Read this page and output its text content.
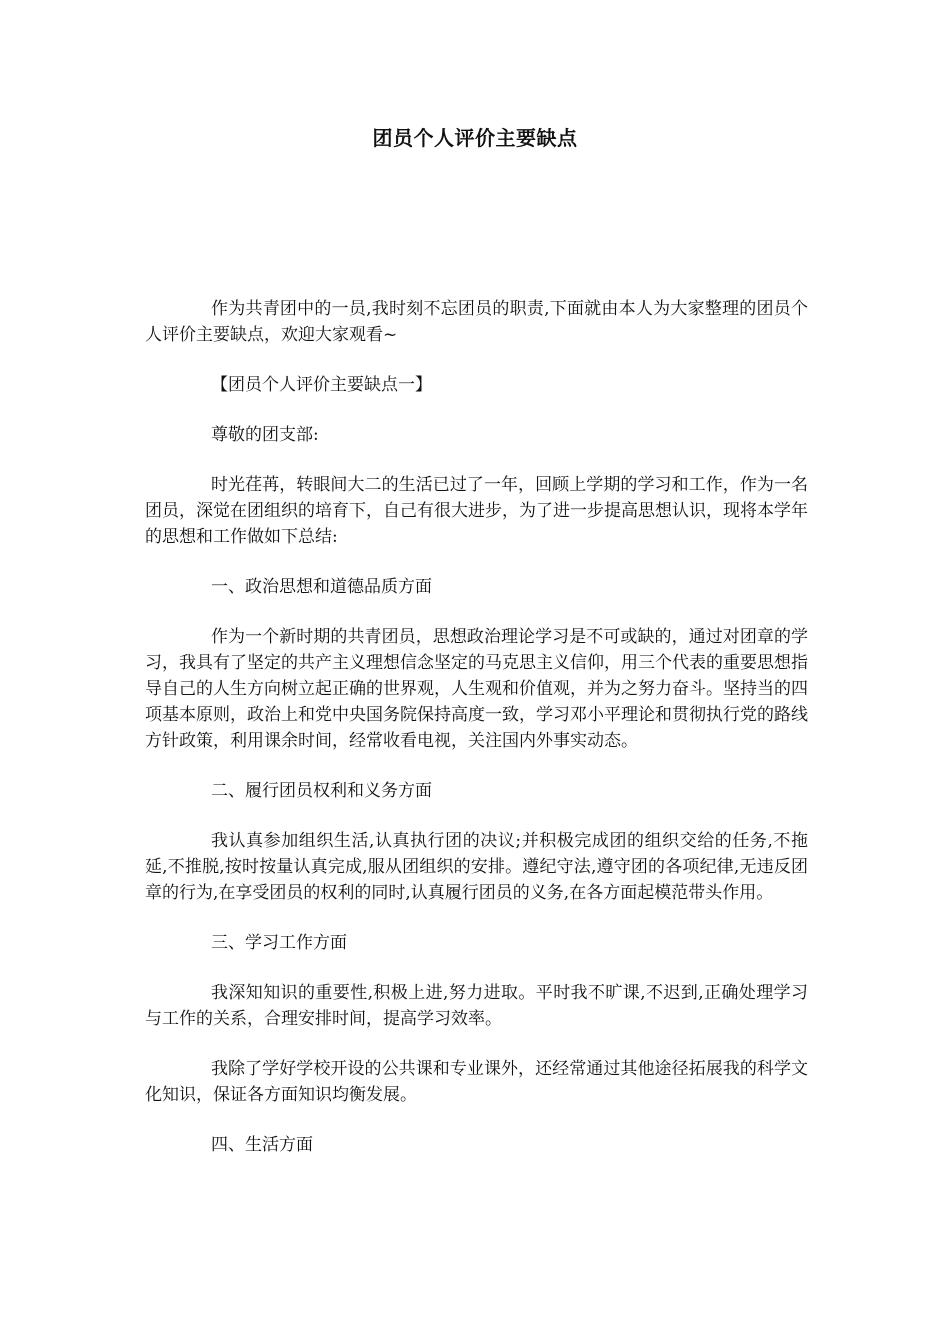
团员个人评价主要缺点

作为共青团中的一员,我时刻不忘团员的职责,下面就由本人为大家整理的团员个人评价主要缺点，欢迎大家观看~

【团员个人评价主要缺点一】

尊敬的团支部:

时光荏苒，转眼间大二的生活已过了一年，回顾上学期的学习和工作，作为一名团员，深觉在团组织的培育下，自己有很大进步，为了进一步提高思想认识，现将本学年的思想和工作做如下总结:

一、政治思想和道德品质方面

作为一个新时期的共青团员，思想政治理论学习是不可或缺的，通过对团章的学习，我具有了坚定的共产主义理想信念坚定的马克思主义信仰，用三个代表的重要思想指导自己的人生方向树立起正确的世界观，人生观和价值观，并为之努力奋斗。坚持当的四项基本原则，政治上和党中央国务院保持高度一致，学习邓小平理论和贯彻执行党的路线方针政策，利用课余时间，经常收看电视，关注国内外事实动态。

二、履行团员权利和义务方面

我认真参加组织生活,认真执行团的决议;并积极完成团的组织交给的任务,不拖延,不推脱,按时按量认真完成,服从团组织的安排。遵纪守法,遵守团的各项纪律,无违反团章的行为,在享受团员的权利的同时,认真履行团员的义务,在各方面起模范带头作用。

三、学习工作方面

我深知知识的重要性,积极上进,努力进取。平时我不旷课,不迟到,正确处理学习与工作的关系，合理安排时间，提高学习效率。

我除了学好学校开设的公共课和专业课外，还经常通过其他途径拓展我的科学文化知识，保证各方面知识均衡发展。

四、生活方面
